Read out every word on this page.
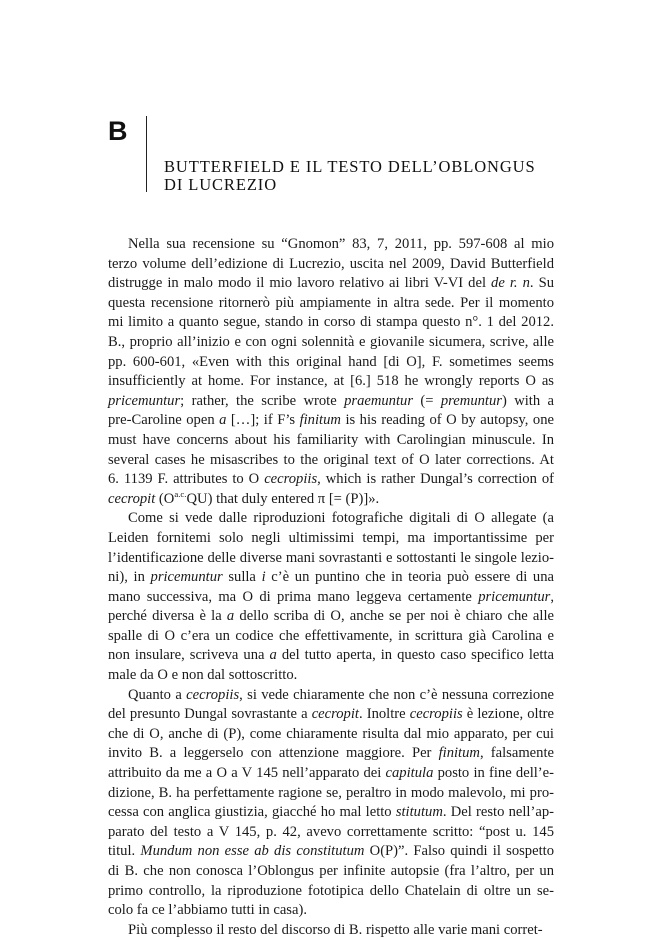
B
BUTTERFIELD E IL TESTO DELL’OBLONGUS
DI LUCREZIO
Nella sua recensione su “Gnomon” 83, 7, 2011, pp. 597-608 al mio
terzo volume dell’edizione di Lucrezio, uscita nel 2009, David Butterfield
distrugge in malo modo il mio lavoro relativo ai libri V-VI del de r. n. Su
questa recensione ritornerò più ampiamente in altra sede. Per il momento
mi limito a quanto segue, stando in corso di stampa questo n°. 1 del 2012.
B., proprio all’inizio e con ogni solennità e giovanile sicumera, scrive, alle
pp. 600-601, «Even with this original hand [di O], F. sometimes seems
insufficiently at home. For instance, at [6.] 518 he wrongly reports O as
pricemuntur; rather, the scribe wrote praemuntur (= premuntur) with a
pre-Caroline open a […]; if F’s finitum is his reading of O by autopsy, one
must have concerns about his familiarity with Carolingian minuscule. In
several cases he misascribes to the original text of O later corrections. At
6. 1139 F. attributes to O cecropiis, which is rather Dungal’s correction of
cecropit $(O^{a.c.}QU)$ that duly entered π [= (P)]».
Come si vede dalle riproduzioni fotografiche digitali di O allegate (a
Leiden fornitemi solo negli ultimissimi tempi, ma importantissime per
l’identificazione delle diverse mani sovrastanti e sottostanti le singole lezio-
ni), in pricemuntur sulla i c’è un puntino che in teoria può essere di una
mano successiva, ma O di prima mano leggeva certamente pricemuntur,
perché diversa è la a dello scriba di O, anche se per noi è chiaro che alle
spalle di O c’era un codice che effettivamente, in scrittura già Carolina e
non insulare, scriveva una a del tutto aperta, in questo caso specifico letta
male da O e non dal sottoscritto.
Quanto a cecropiis, si vede chiaramente che non c’è nessuna correzione
del presunto Dungal sovrastante a cecropit. Inoltre cecropiis è lezione, oltre
che di O, anche di (P), come chiaramente risulta dal mio apparato, per cui
invito B. a leggerselo con attenzione maggiore. Per finitum, falsamente
attribuito da me a O a V 145 nell’apparato dei capitula posto in fine dell’e-
dizione, B. ha perfettamente ragione se, peraltro in modo malevolo, mi pro-
cessa con anglica giustizia, giacché ho mal letto stitutum. Del resto nell’ap-
parato del testo a V 145, p. 42, avevo correttamente scritto: “post u. 145
titul. Mundum non esse ab dis constitutum O(P)”. Falso quindi il sospetto
di B. che non conosca l’Oblongus per infinite autopsie (fra l’altro, per un
primo controllo, la riproduzione fototipica dello Chatelain di oltre un se-
colo fa ce l’abbiamo tutti in casa).
Più complesso il resto del discorso di B. rispetto alle varie mani corret-
